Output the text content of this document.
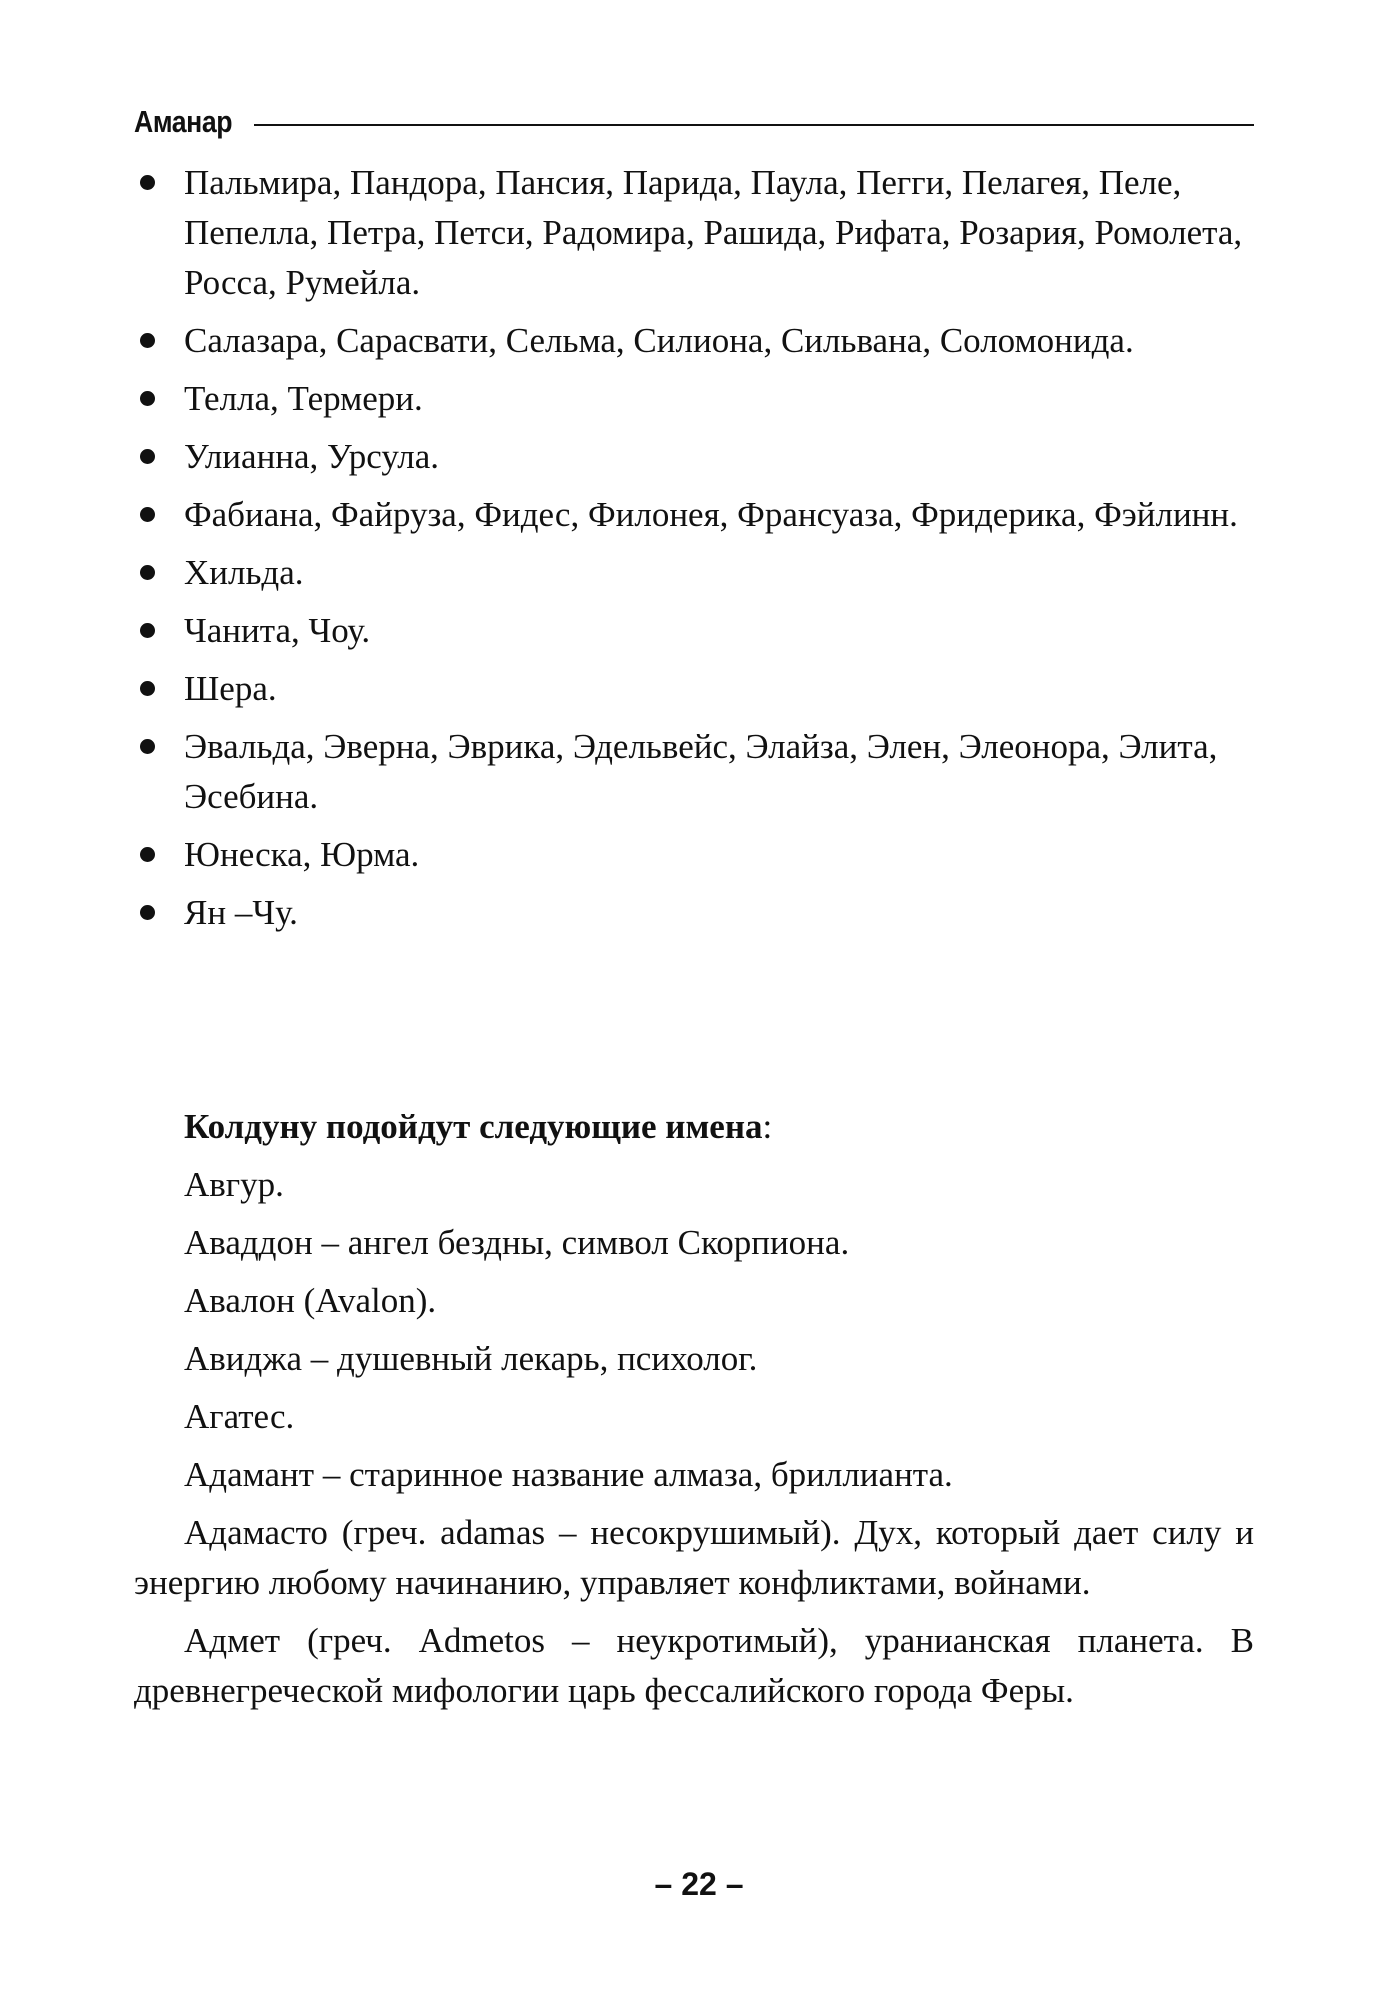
Аманар
Пальмира, Пандора, Пансия, Парида, Паула, Пегги, Пелагея, Пеле, Пепелла, Петра, Петси, Радомира, Рашида, Рифата, Розария, Ромолета, Росса, Румейла.
Салазара, Сарасвати, Сельма, Силиона, Сильвана, Соломонида.
Телла, Термери.
Улианна, Урсула.
Фабиана, Файруза, Фидес, Филонея, Франсуаза, Фридерика, Фэйлинн.
Хильда.
Чанита, Чоу.
Шера.
Эвальда, Эверна, Эврика, Эдельвейс, Элайза, Элен, Элеонора, Элита, Эсебина.
Юнеска, Юрма.
Ян –Чу.

Колдуну подойдут следующие имена:

Авгур.

Аваддон – ангел бездны, символ Скорпиона.

Авалон (Avalon).

Авиджа – душевный лекарь, психолог.

Агатес.

Адамант – старинное название алмаза, бриллианта.

Адамасто (греч. adamas – несокрушимый). Дух, который дает силу и энергию любому начинанию, управляет конфликтами, войнами.

Адмет (греч. Admetos – неукротимый), уранианская планета. В древнегреческой мифологии царь фессалийского города Феры.

– 22 –
